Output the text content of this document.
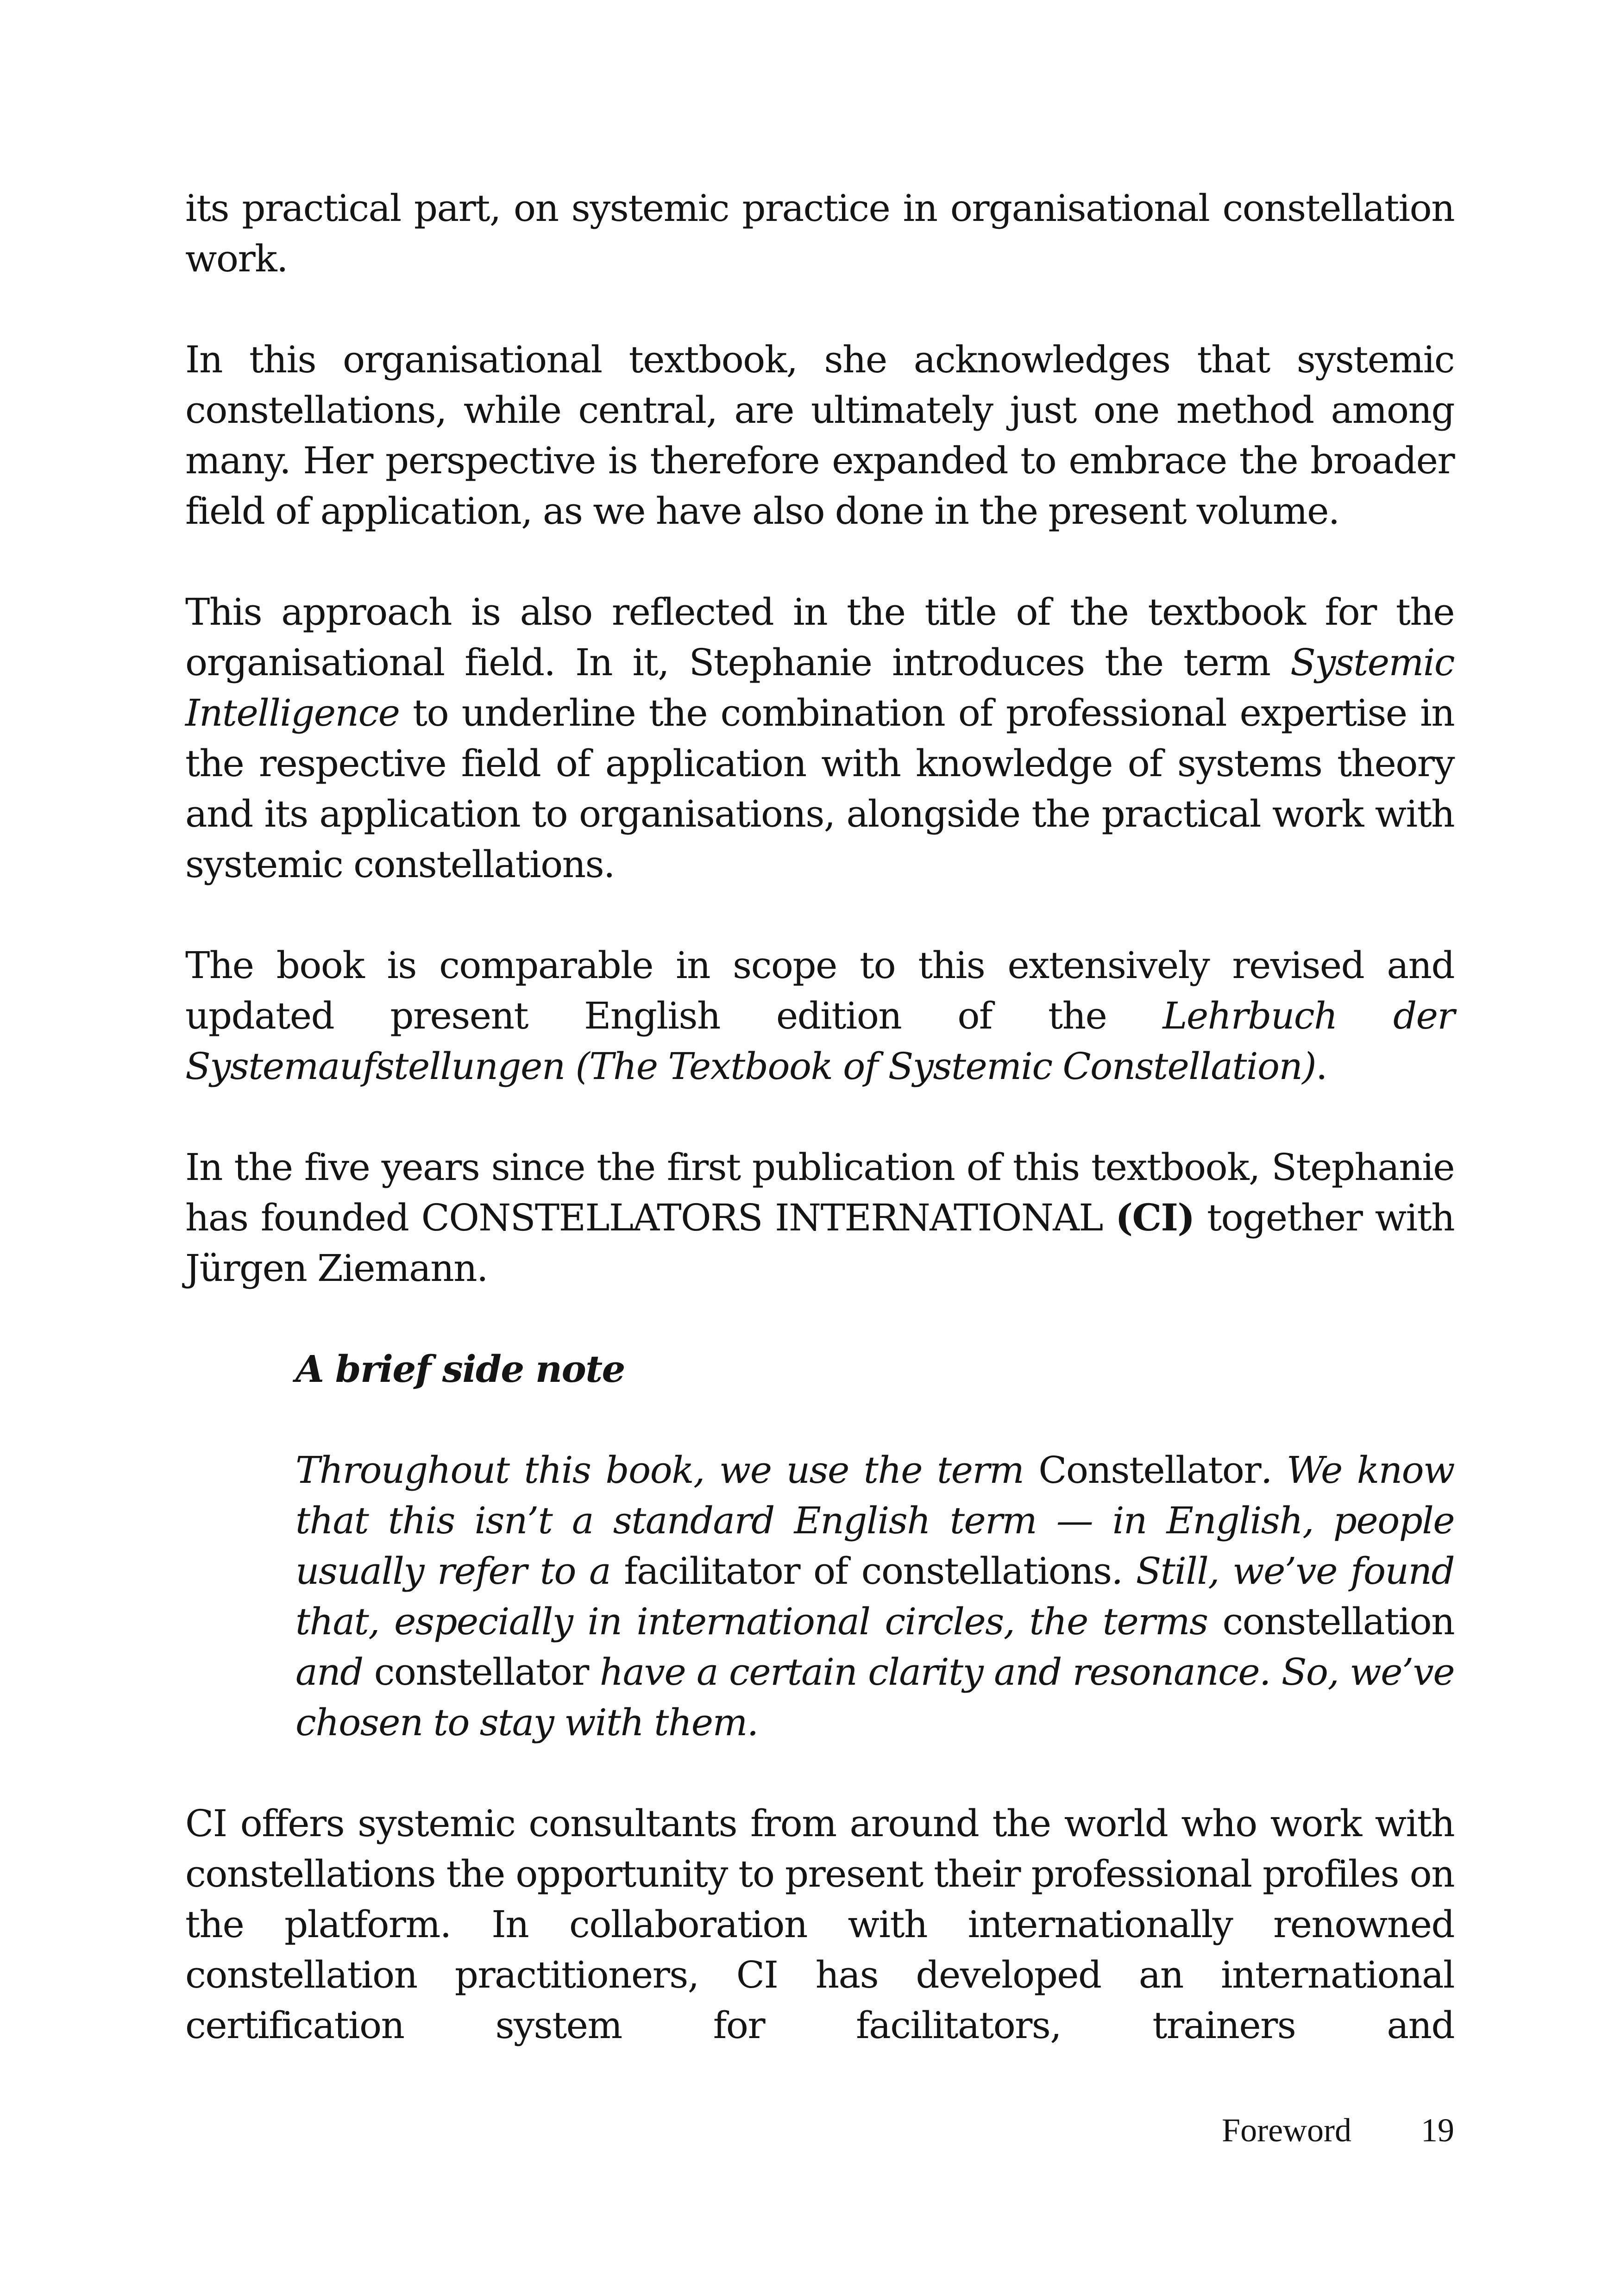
its practical part, on systemic practice in organisational constellation work.

In this organisational textbook, she acknowledges that systemic constellations, while central, are ultimately just one method among many. Her perspective is therefore expanded to embrace the broader field of application, as we have also done in the present volume.

This approach is also reflected in the title of the textbook for the organisational field. In it, Stephanie introduces the term Systemic Intelligence to underline the combination of professional expertise in the respective field of application with knowledge of systems theory and its application to organisations, alongside the practical work with systemic constellations.

The book is comparable in scope to this extensively revised and updated present English edition of the Lehrbuch der Systemaufstellungen (The Textbook of Systemic Constellation).

In the five years since the first publication of this textbook, Stephanie has founded CONSTELLATORS INTERNATIONAL (CI) together with Jürgen Ziemann.

A brief side note

Throughout this book, we use the term Constellator. We know that this isn’t a standard English term — in English, people usually refer to a facilitator of constellations. Still, we’ve found that, especially in international circles, the terms constellation and constellator have a certain clarity and resonance. So, we’ve chosen to stay with them.

CI offers systemic consultants from around the world who work with constellations the opportunity to present their professional profiles on the platform. In collaboration with internationally renowned constellation practitioners, CI has developed an international certification system for facilitators, trainers and

Foreword 19
